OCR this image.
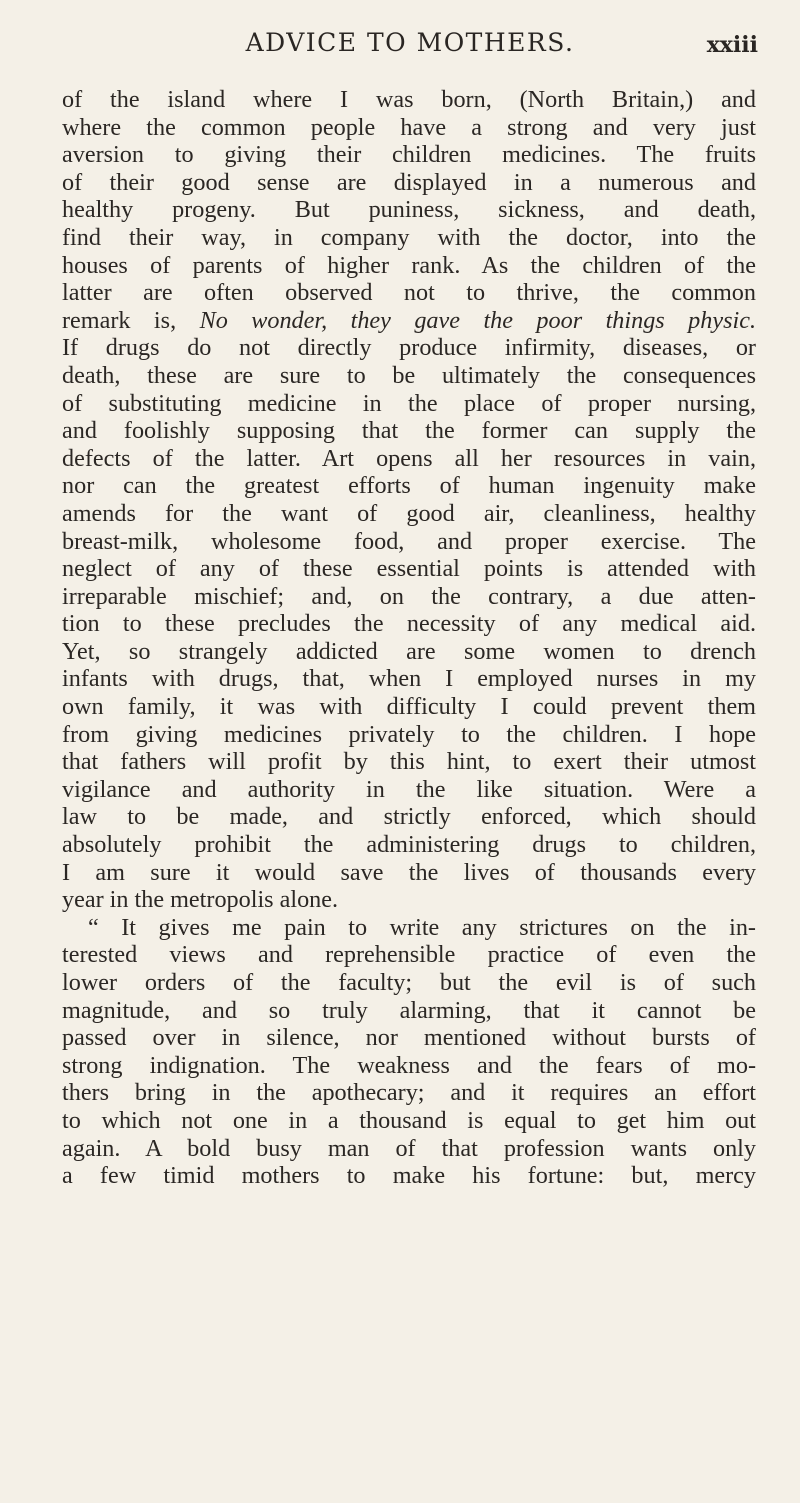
ADVICE TO MOTHERS.	xxiii
of the island where I was born, (North Britain,) and
where the common people have a strong and very just
aversion to giving their children medicines. The fruits
of their good sense are displayed in a numerous and
healthy progeny. But puniness, sickness, and death,
find their way, in company with the doctor, into the
houses of parents of higher rank. As the children of the
latter are often observed not to thrive, the common
remark is, No wonder, they gave the poor things physic.
If drugs do not directly produce infirmity, diseases, or
death, these are sure to be ultimately the consequences
of substituting medicine in the place of proper nursing,
and foolishly supposing that the former can supply the
defects of the latter. Art opens all her resources in vain,
nor can the greatest efforts of human ingenuity make
amends for the want of good air, cleanliness, healthy
breast-milk, wholesome food, and proper exercise. The
neglect of any of these essential points is attended with
irreparable mischief; and, on the contrary, a due atten-
tion to these precludes the necessity of any medical aid.
Yet, so strangely addicted are some women to drench
infants with drugs, that, when I employed nurses in my
own family, it was with difficulty I could prevent them
from giving medicines privately to the children. I hope
that fathers will profit by this hint, to exert their utmost
vigilance and authority in the like situation. Were a
law to be made, and strictly enforced, which should
absolutely prohibit the administering drugs to children,
I am sure it would save the lives of thousands every
year in the metropolis alone.
“ It gives me pain to write any strictures on the in-
terested views and reprehensible practice of even the
lower orders of the faculty; but the evil is of such
magnitude, and so truly alarming, that it cannot be
passed over in silence, nor mentioned without bursts of
strong indignation. The weakness and the fears of mo-
thers bring in the apothecary; and it requires an effort
to which not one in a thousand is equal to get him out
again. A bold busy man of that profession wants only
a few timid mothers to make his fortune: but, mercy
